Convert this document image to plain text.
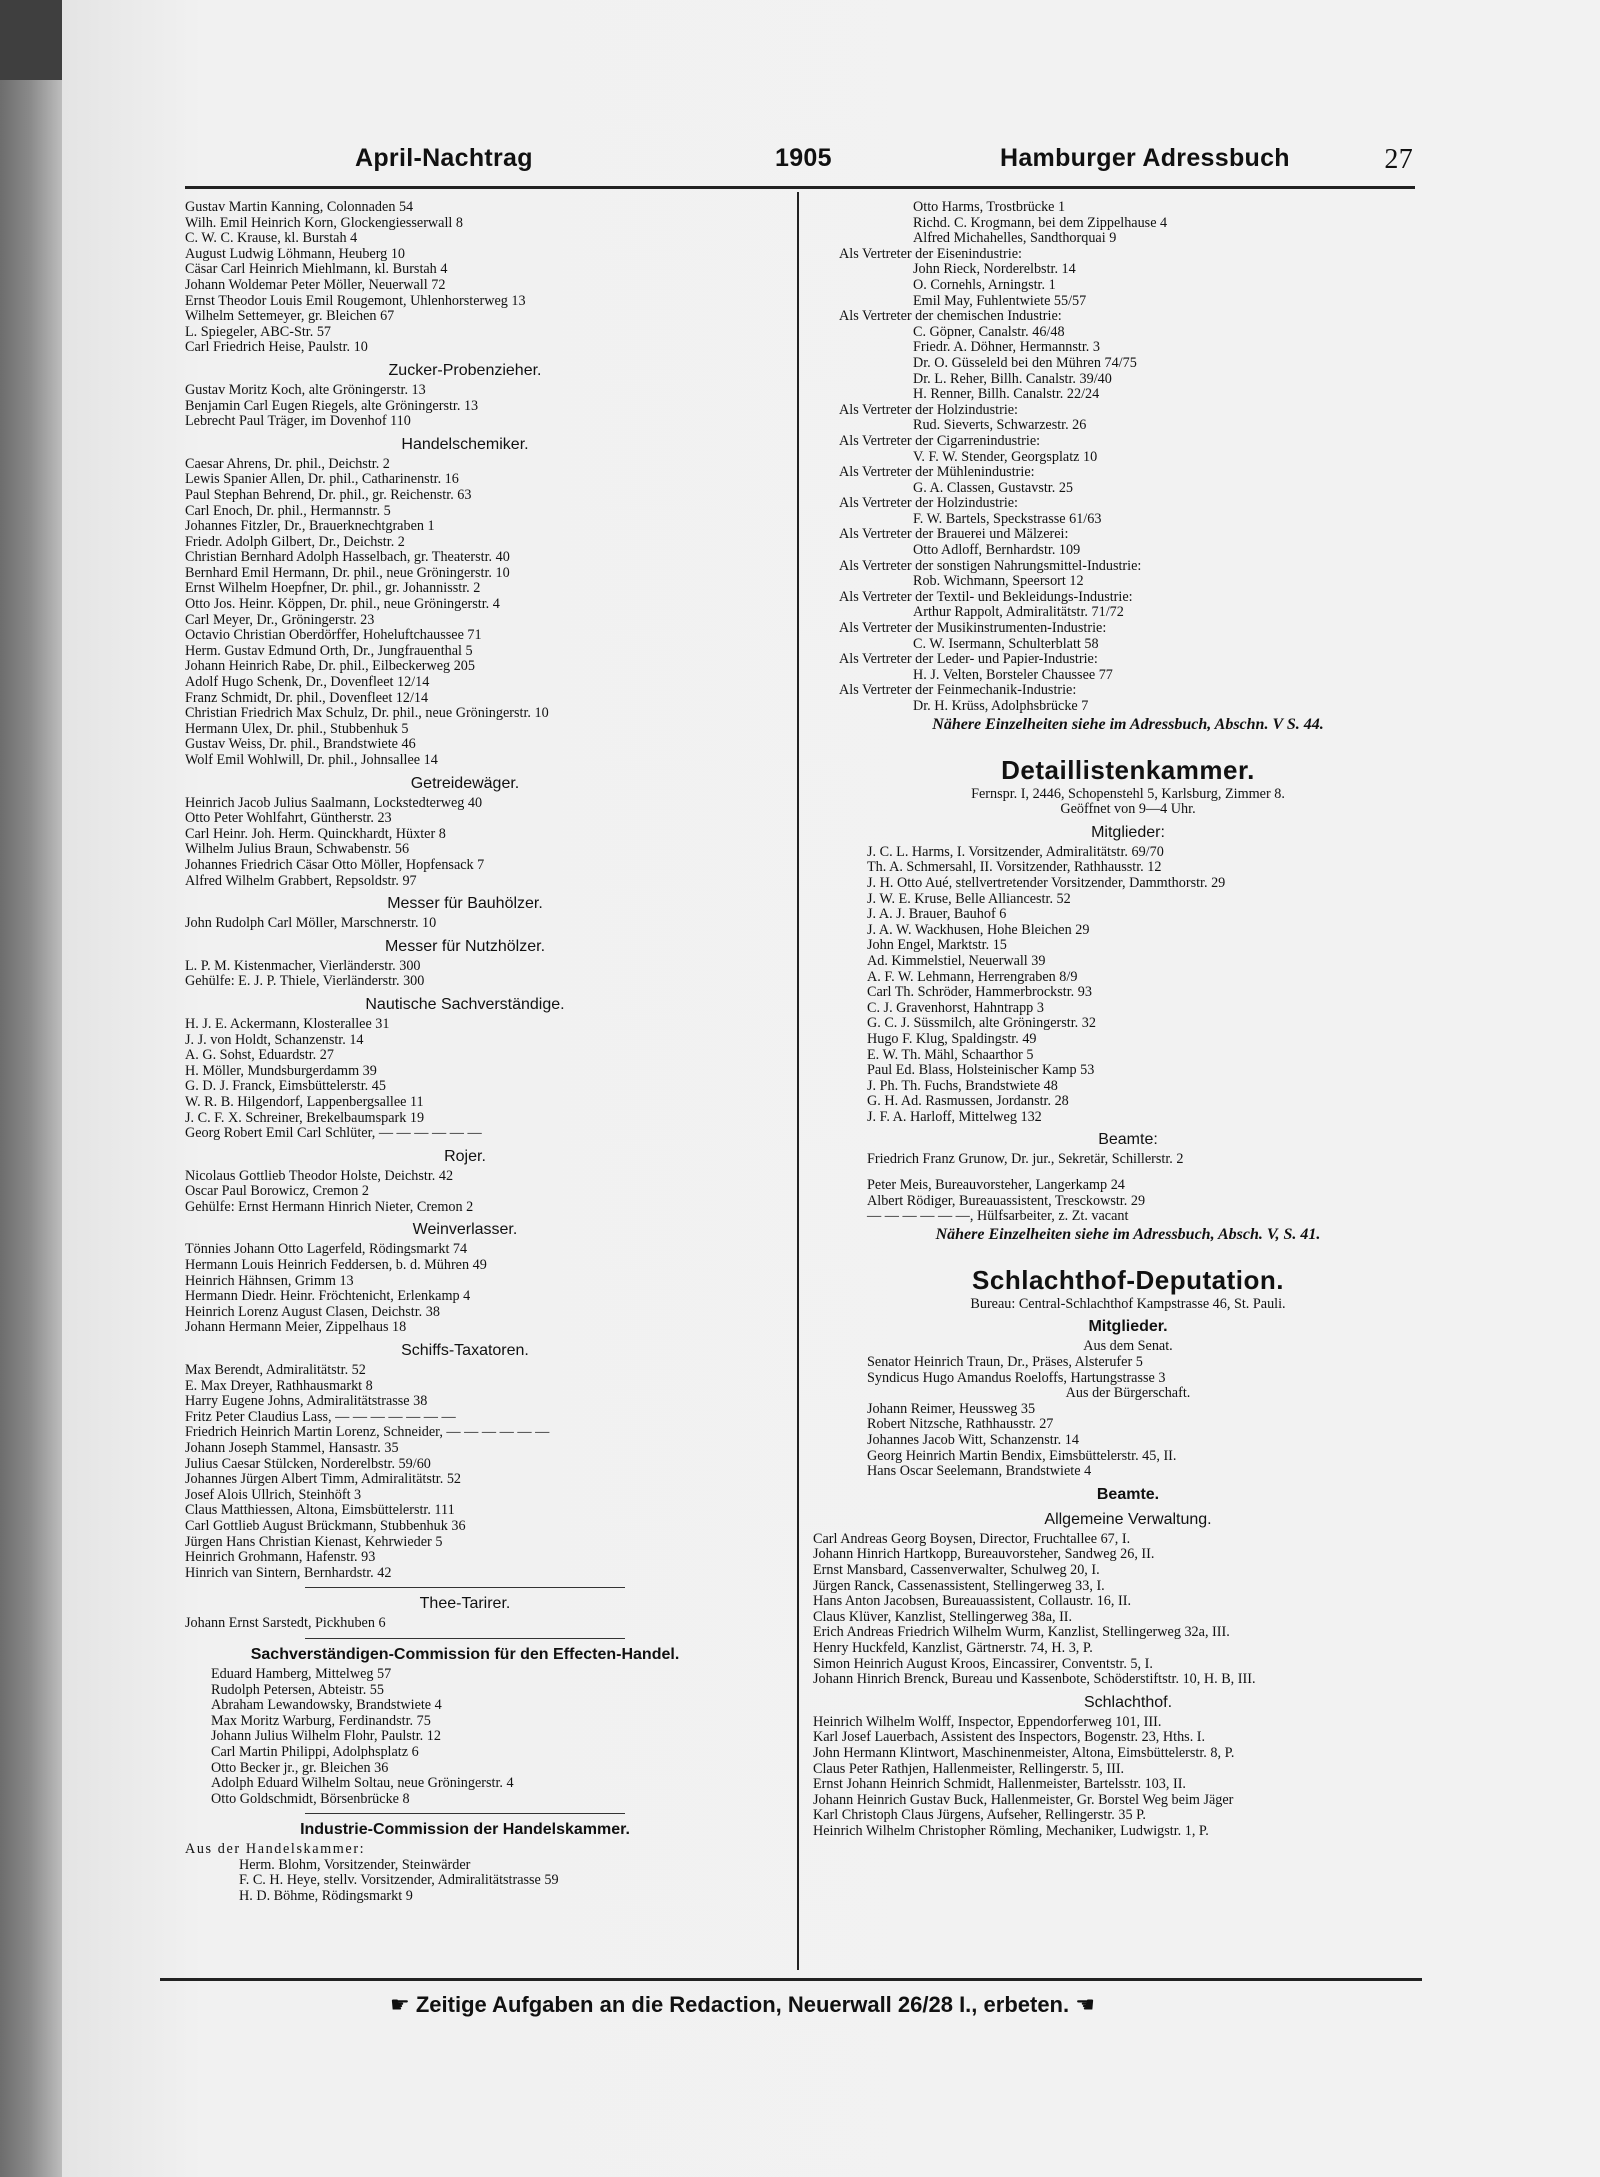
April-Nachtrag	1905	Hamburger Adressbuch	27
Gustav Martin Kanning, Colonnaden 54
Wilh. Emil Heinrich Korn, Glockengiesserwall 8
C. W. C. Krause, kl. Burstah 4
August Ludwig Löhmann, Heuberg 10
Cäsar Carl Heinrich Miehlmann, kl. Burstah 4
Johann Woldemar Peter Möller, Neuerwall 72
Ernst Theodor Louis Emil Rougemont, Uhlenhorsterweg 13
Wilhelm Settemeyer, gr. Bleichen 67
L. Spiegeler, ABC-Str. 57
Carl Friedrich Heise, Paulstr. 10
Zucker-Probenzieher.
Gustav Moritz Koch, alte Gröningerstr. 13
Benjamin Carl Eugen Riegels, alte Gröningerstr. 13
Lebrecht Paul Träger, im Dovenhof 110
Handelschemiker.
Caesar Ahrens, Dr. phil., Deichstr. 2
Lewis Spanier Allen, Dr. phil., Catharinenstr. 16
Paul Stephan Behrend, Dr. phil., gr. Reichenstr. 63
Carl Enoch, Dr. phil., Hermannstr. 5
Johannes Fitzler, Dr., Brauerknechtgraben 1
Friedr. Adolph Gilbert, Dr., Deichstr. 2
Christian Bernhard Adolph Hasselbach, gr. Theaterstr. 40
Bernhard Emil Hermann, Dr. phil., neue Gröningerstr. 10
Ernst Wilhelm Hoepfner, Dr. phil., gr. Johannisstr. 2
Otto Jos. Heinr. Köppen, Dr. phil., neue Gröningerstr. 4
Carl Meyer, Dr., Gröningerstr. 23
Octavio Christian Oberdörffer, Hoheluftchaussee 71
Herm. Gustav Edmund Orth, Dr., Jungfrauenthal 5
Johann Heinrich Rabe, Dr. phil., Eilbeckerweg 205
Adolf Hugo Schenk, Dr., Dovenfleet 12/14
Franz Schmidt, Dr. phil., Dovenfleet 12/14
Christian Friedrich Max Schulz, Dr. phil., neue Gröningerstr. 10
Hermann Ulex, Dr. phil., Stubbenhuk 5
Gustav Weiss, Dr. phil., Brandstwiete 46
Wolf Emil Wohlwill, Dr. phil., Johnsallee 14
Getreidewäger.
Heinrich Jacob Julius Saalmann, Lockstedterweg 40
Otto Peter Wohlfahrt, Güntherstr. 23
Carl Heinr. Joh. Herm. Quinckhardt, Hüxter 8
Wilhelm Julius Braun, Schwabenstr. 56
Johannes Friedrich Cäsar Otto Möller, Hopfensack 7
Alfred Wilhelm Grabbert, Repsoldstr. 97
Messer für Bauhölzer.
John Rudolph Carl Möller, Marschnerstr. 10
Messer für Nutzhölzer.
L. P. M. Kistenmacher, Vierländerstr. 300
Gehülfe: E. J. P. Thiele, Vierländerstr. 300
Nautische Sachverständige.
H. J. E. Ackermann, Klosterallee 31
J. J. von Holdt, Schanzenstr. 14
A. G. Sohst, Eduardstr. 27
H. Möller, Mundsburgerdamm 39
G. D. J. Franck, Eimsbüttelerstr. 45
W. R. B. Hilgendorf, Lappenbergsallee 11
J. C. F. X. Schreiner, Brekelbaumspark 19
Georg Robert Emil Carl Schlüter, — — — — — —
Rojer.
Nicolaus Gottlieb Theodor Holste, Deichstr. 42
Oscar Paul Borowicz, Cremon 2
Gehülfe: Ernst Hermann Hinrich Nieter, Cremon 2
Weinverlasser.
Tönnies Johann Otto Lagerfeld, Rödingsmarkt 74
Hermann Louis Heinrich Feddersen, b. d. Mühren 49
Heinrich Hähnsen, Grimm 13
Hermann Diedr. Heinr. Fröchtenicht, Erlenkamp 4
Heinrich Lorenz August Clasen, Deichstr. 38
Johann Hermann Meier, Zippelhaus 18
Schiffs-Taxatoren.
Max Berendt, Admiralitätstr. 52
E. Max Dreyer, Rathhausmarkt 8
Harry Eugene Johns, Admiralitätstrasse 38
Fritz Peter Claudius Lass, — — — — — — —
Friedrich Heinrich Martin Lorenz, Schneider, — — — — — —
Johann Joseph Stammel, Hansastr. 35
Julius Caesar Stülcken, Norderelbstr. 59/60
Johannes Jürgen Albert Timm, Admiralitätstr. 52
Josef Alois Ullrich, Steinhöft 3
Claus Matthiessen, Altona, Eimsbüttelerstr. 111
Carl Gottlieb August Brückmann, Stubbenhuk 36
Jürgen Hans Christian Kienast, Kehrwieder 5
Heinrich Grohmann, Hafenstr. 93
Hinrich van Sintern, Bernhardstr. 42
Thee-Tarirer.
Johann Ernst Sarstedt, Pickhuben 6
Sachverständigen-Commission für den Effecten-Handel.
Eduard Hamberg, Mittelweg 57
Rudolph Petersen, Abteistr. 55
Abraham Lewandowsky, Brandstwiete 4
Max Moritz Warburg, Ferdinandstr. 75
Johann Julius Wilhelm Flohr, Paulstr. 12
Carl Martin Philippi, Adolphsplatz 6
Otto Becker jr., gr. Bleichen 36
Adolph Eduard Wilhelm Soltau, neue Gröningerstr. 4
Otto Goldschmidt, Börsenbrücke 8
Industrie-Commission der Handelskammer.
Aus der Handelskammer:
Herm. Blohm, Vorsitzender, Steinwärder
F. C. H. Heye, stellv. Vorsitzender, Admiralitätstrasse 59
H. D. Böhme, Rödingsmarkt 9
Otto Harms, Trostbrücke 1
Richd. C. Krogmann, bei dem Zippelhause 4
Alfred Michahelles, Sandthorquai 9
Als Vertreter der Eisenindustrie:
John Rieck, Norderelbstr. 14
O. Cornehls, Arningstr. 1
Emil May, Fuhlentwiete 55/57
Als Vertreter der chemischen Industrie:
C. Göpner, Canalstr. 46/48
Friedr. A. Döhner, Hermannstr. 3
Dr. O. Güsseleld bei den Mühren 74/75
Dr. L. Reher, Billh. Canalstr. 39/40
H. Renner, Billh. Canalstr. 22/24
Als Vertreter der Holzindustrie:
Rud. Sieverts, Schwarzestr. 26
Als Vertreter der Cigarrenindustrie:
V. F. W. Stender, Georgsplatz 10
Als Vertreter der Mühlenindustrie:
G. A. Classen, Gustavstr. 25
Als Vertreter der Holzindustrie:
F. W. Bartels, Speckstrasse 61/63
Als Vertreter der Brauerei und Mälzerei:
Otto Adloff, Bernhardstr. 109
Als Vertreter der sonstigen Nahrungsmittel-Industrie:
Rob. Wichmann, Speersort 12
Als Vertreter der Textil- und Bekleidungs-Industrie:
Arthur Rappolt, Admiralitätstr. 71/72
Als Vertreter der Musikinstrumenten-Industrie:
C. W. Isermann, Schulterblatt 58
Als Vertreter der Leder- und Papier-Industrie:
H. J. Velten, Borsteler Chaussee 77
Als Vertreter der Feinmechanik-Industrie:
Dr. H. Krüss, Adolphsbrücke 7
Nähere Einzelheiten siehe im Adressbuch, Abschn. V S. 44.
Detaillistenkammer.
Fernspr. I, 2446, Schopenstehl 5, Karlsburg, Zimmer 8.
Geöffnet von 9—4 Uhr.
Mitglieder:
J. C. L. Harms, I. Vorsitzender, Admiralitätstr. 69/70
Th. A. Schmersahl, II. Vorsitzender, Rathhausstr. 12
J. H. Otto Aué, stellvertretender Vorsitzender, Dammthorstr. 29
J. W. E. Kruse, Belle Alliancestr. 52
J. A. J. Brauer, Bauhof 6
J. A. W. Wackhusen, Hohe Bleichen 29
John Engel, Marktstr. 15
Ad. Kimmelstiel, Neuerwall 39
A. F. W. Lehmann, Herrengraben 8/9
Carl Th. Schröder, Hammerbrockstr. 93
C. J. Gravenhorst, Hahntrapp 3
G. C. J. Süssmilch, alte Gröningerstr. 32
Hugo F. Klug, Spaldingstr. 49
E. W. Th. Mähl, Schaarthor 5
Paul Ed. Blass, Holsteinischer Kamp 53
J. Ph. Th. Fuchs, Brandstwiete 48
G. H. Ad. Rasmussen, Jordanstr. 28
J. F. A. Harloff, Mittelweg 132
Beamte:
Friedrich Franz Grunow, Dr. jur., Sekretär, Schillerstr. 2
Peter Meis, Bureauvorsteher, Langerkamp 24
Albert Rödiger, Bureauassistent, Tresckowstr. 29
— — — — — —, Hülfsarbeiter, z. Zt. vacant
Nähere Einzelheiten siehe im Adressbuch, Absch. V, S. 41.
Schlachthof-Deputation.
Bureau: Central-Schlachthof Kampstrasse 46, St. Pauli.
Mitglieder.
Aus dem Senat.
Senator Heinrich Traun, Dr., Präses, Alsterufer 5
Syndicus Hugo Amandus Roeloffs, Hartungstrasse 3
Aus der Bürgerschaft.
Johann Reimer, Heussweg 35
Robert Nitzsche, Rathhausstr. 27
Johannes Jacob Witt, Schanzenstr. 14
Georg Heinrich Martin Bendix, Eimsbüttelerstr. 45, II.
Hans Oscar Seelemann, Brandstwiete 4
Beamte.
Allgemeine Verwaltung.
Carl Andreas Georg Boysen, Director, Fruchtallee 67, I.
Johann Hinrich Hartkopp, Bureauvorsteher, Sandweg 26, II.
Ernst Mansbard, Cassenverwalter, Schulweg 20, I.
Jürgen Ranck, Cassenassistent, Stellingerweg 33, I.
Hans Anton Jacobsen, Bureauassistent, Collaustr. 16, II.
Claus Klüver, Kanzlist, Stellingerweg 38a, II.
Erich Andreas Friedrich Wilhelm Wurm, Kanzlist, Stellingerweg 32a, III.
Henry Huckfeld, Kanzlist, Gärtnerstr. 74, H. 3, P.
Simon Heinrich August Kroos, Eincassirer, Conventstr. 5, I.
Johann Hinrich Brenck, Bureau und Kassenbote, Schöderstiftstr. 10, H. B, III.
Schlachthof.
Heinrich Wilhelm Wolff, Inspector, Eppendorferweg 101, III.
Karl Josef Lauerbach, Assistent des Inspectors, Bogenstr. 23, Hths. I.
John Hermann Klintwort, Maschinenmeister, Altona, Eimsbüttelerstr. 8, P.
Claus Peter Rathjen, Hallenmeister, Rellingerstr. 5, III.
Ernst Johann Heinrich Schmidt, Hallenmeister, Bartelsstr. 103, II.
Johann Heinrich Gustav Buck, Hallenmeister, Gr. Borstel Weg beim Jäger
Karl Christoph Claus Jürgens, Aufseher, Rellingerstr. 35 P.
Heinrich Wilhelm Christopher Römling, Mechaniker, Ludwigstr. 1, P.
☛ Zeitige Aufgaben an die Redaction, Neuerwall 26/28 I., erbeten. ☚
